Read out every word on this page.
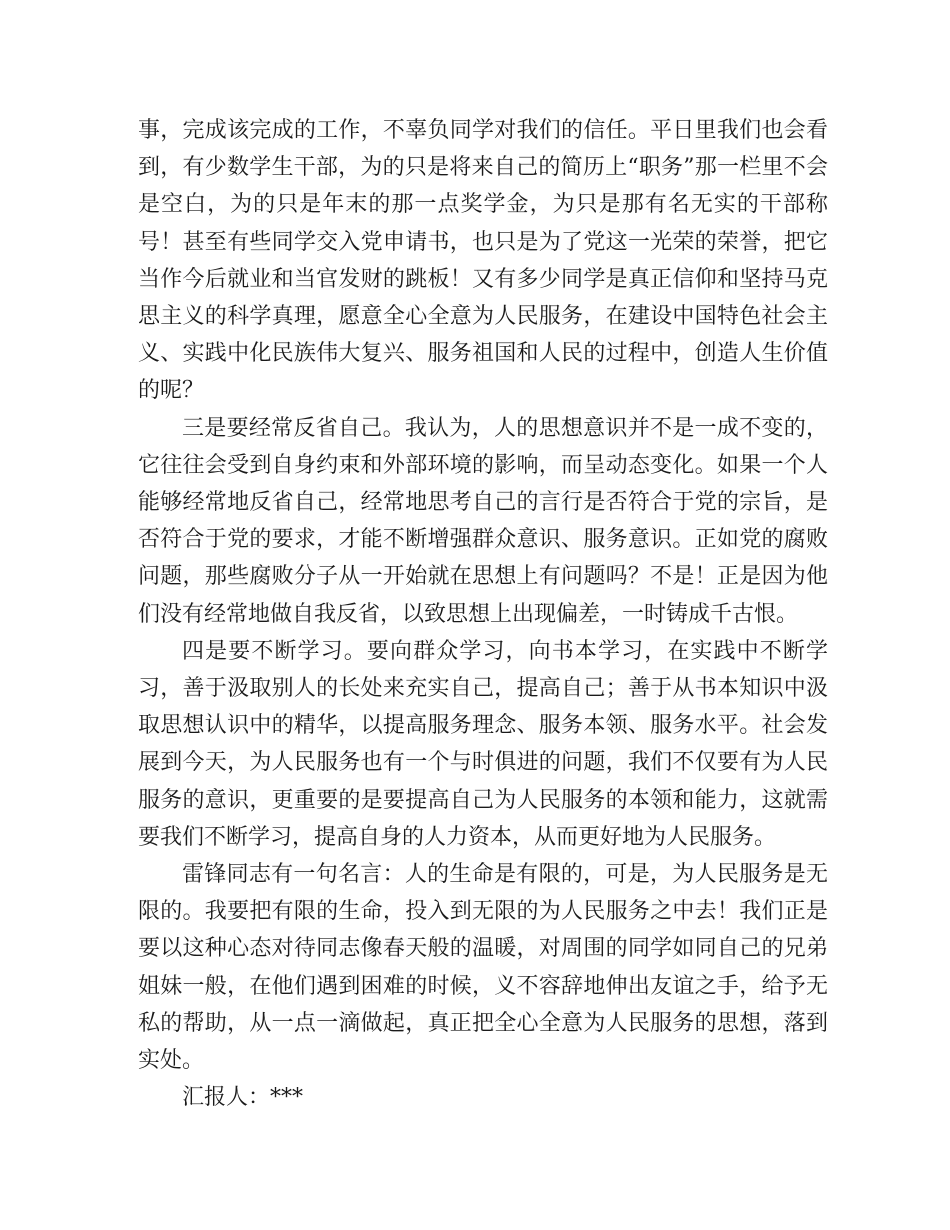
事，完成该完成的工作，不辜负同学对我们的信任。平日里我们也会看到，有少数学生干部，为的只是将来自己的简历上“职务”那一栏里不会是空白，为的只是年末的那一点奖学金，为只是那有名无实的干部称号！甚至有些同学交入党申请书，也只是为了党这一光荣的荣誉，把它当作今后就业和当官发财的跳板！又有多少同学是真正信仰和坚持马克思主义的科学真理，愿意全心全意为人民服务，在建设中国特色社会主义、实践中化民族伟大复兴、服务祖国和人民的过程中，创造人生价值的呢？

三是要经常反省自己。我认为，人的思想意识并不是一成不变的，它往往会受到自身约束和外部环境的影响，而呈动态变化。如果一个人能够经常地反省自己，经常地思考自己的言行是否符合于党的宗旨，是否符合于党的要求，才能不断增强群众意识、服务意识。正如党的腐败问题，那些腐败分子从一开始就在思想上有问题吗？不是！正是因为他们没有经常地做自我反省，以致思想上出现偏差，一时铸成千古恨。

四是要不断学习。要向群众学习，向书本学习，在实践中不断学习，善于汲取别人的长处来充实自己，提高自己；善于从书本知识中汲取思想认识中的精华，以提高服务理念、服务本领、服务水平。社会发展到今天，为人民服务也有一个与时俱进的问题，我们不仅要有为人民服务的意识，更重要的是要提高自己为人民服务的本领和能力，这就需要我们不断学习，提高自身的人力资本，从而更好地为人民服务。

雷锋同志有一句名言：人的生命是有限的，可是，为人民服务是无限的。我要把有限的生命，投入到无限的为人民服务之中去！我们正是要以这种心态对待同志像春天般的温暖，对周围的同学如同自己的兄弟姐妹一般，在他们遇到困难的时候，义不容辞地伸出友谊之手，给予无私的帮助，从一点一滴做起，真正把全心全意为人民服务的思想，落到实处。

汇报人：***
